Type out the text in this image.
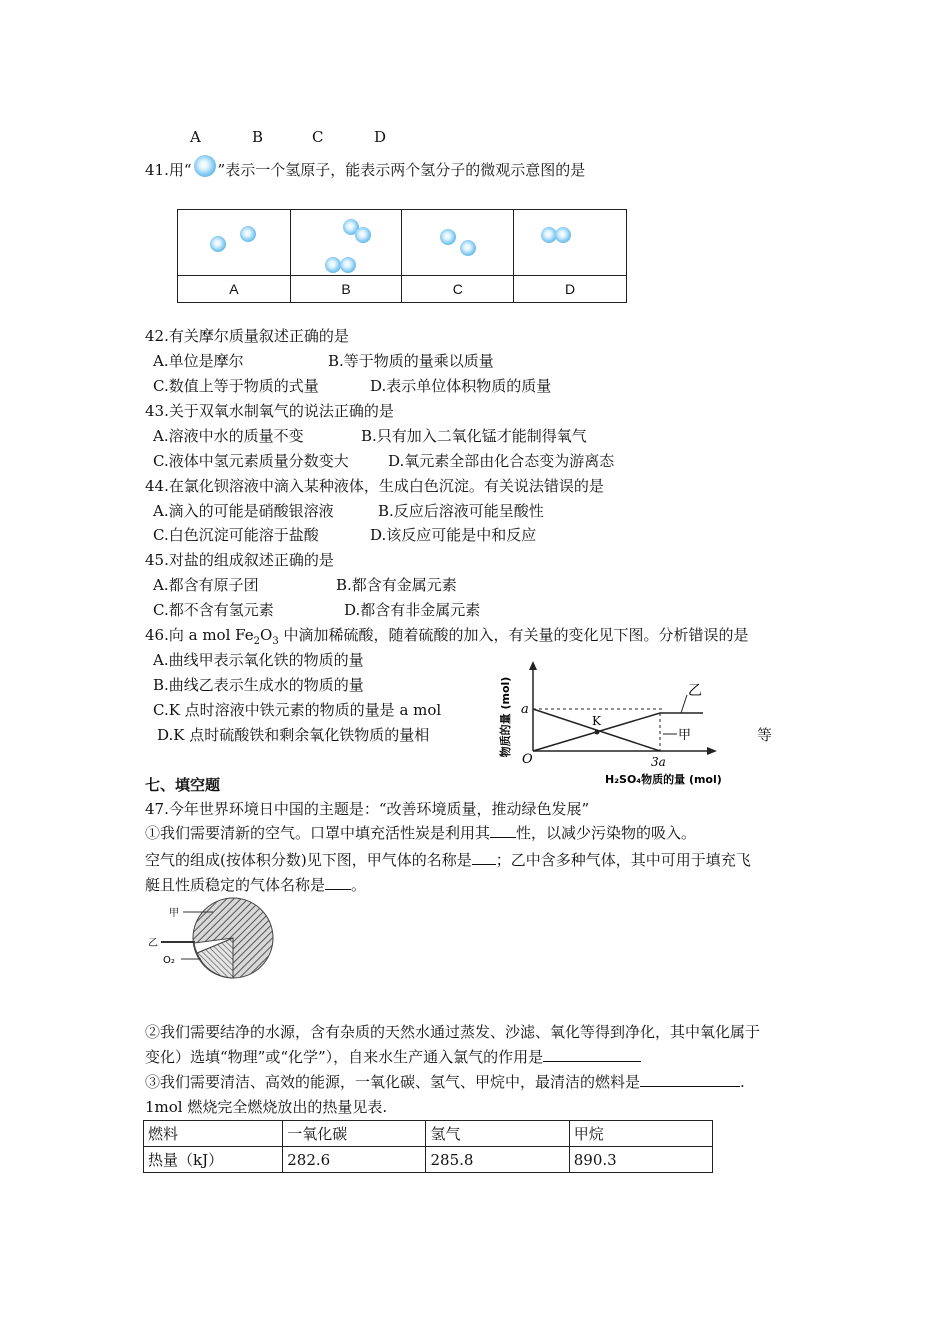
A	B	C	D
41.用“ ”表示一个氢原子，能表示两个氢分子的微观示意图的是

A	B	C	D
42.有关摩尔质量叙述正确的是
A.单位是摩尔	B.等于物质的量乘以质量
C.数值上等于物质的式量	D.表示单位体积物质的质量
43.关于双氧水制氧气的说法正确的是
A.溶液中水的质量不变	B.只有加入二氧化锰才能制得氧气
C.液体中氢元素质量分数变大	D.氧元素全部由化合态变为游离态
44.在氯化钡溶液中滴入某种液体，生成白色沉淀。有关说法错误的是
A.滴入的可能是硝酸银溶液	B.反应后溶液可能呈酸性
C.白色沉淀可能溶于盐酸	D.该反应可能是中和反应
45.对盐的组成叙述正确的是
A.都含有原子团	B.都含有金属元素
C.都不含有氢元素	D.都含有非金属元素
46.向 a mol $Fe_2O_3$ 中滴加稀硫酸，随着硫酸的加入，有关量的变化见下图。分析错误的是
A.曲线甲表示氧化铁的物质的量
B.曲线乙表示生成水的物质的量
C.K 点时溶液中铁元素的物质的量是 a mol
D.K 点时硫酸铁和剩余氧化铁物质的量相	等
物质的量 (mol)	K
a
O	3a
乙
甲
H₂SO₄物质的量 (mol)
七、填空题
47.今年世界环境日中国的主题是：“改善环境质量，推动绿色发展”
①我们需要清新的空气。口罩中填充活性炭是利用其 性，以减少污染物的吸入。
空气的组成(按体积分数)见下图，甲气体的名称是 ；乙中含多种气体，其中可用于填充飞
艇且性质稳定的气体名称是 。
甲
乙
O₂
②我们需要结净的水源，含有杂质的天然水通过蒸发、沙滤、氧化等得到净化，其中氧化属于
变化）选填“物理”或“化学”），自来水生产通入氯气的作用是
③我们需要清洁、高效的能源，一氧化碳、氢气、甲烷中，最清洁的燃料是	.
1mol 燃烧完全燃烧放出的热量见表.
燃料	一氧化碳	氢气	甲烷
热量（kJ）	282.6	285.8	890.3
